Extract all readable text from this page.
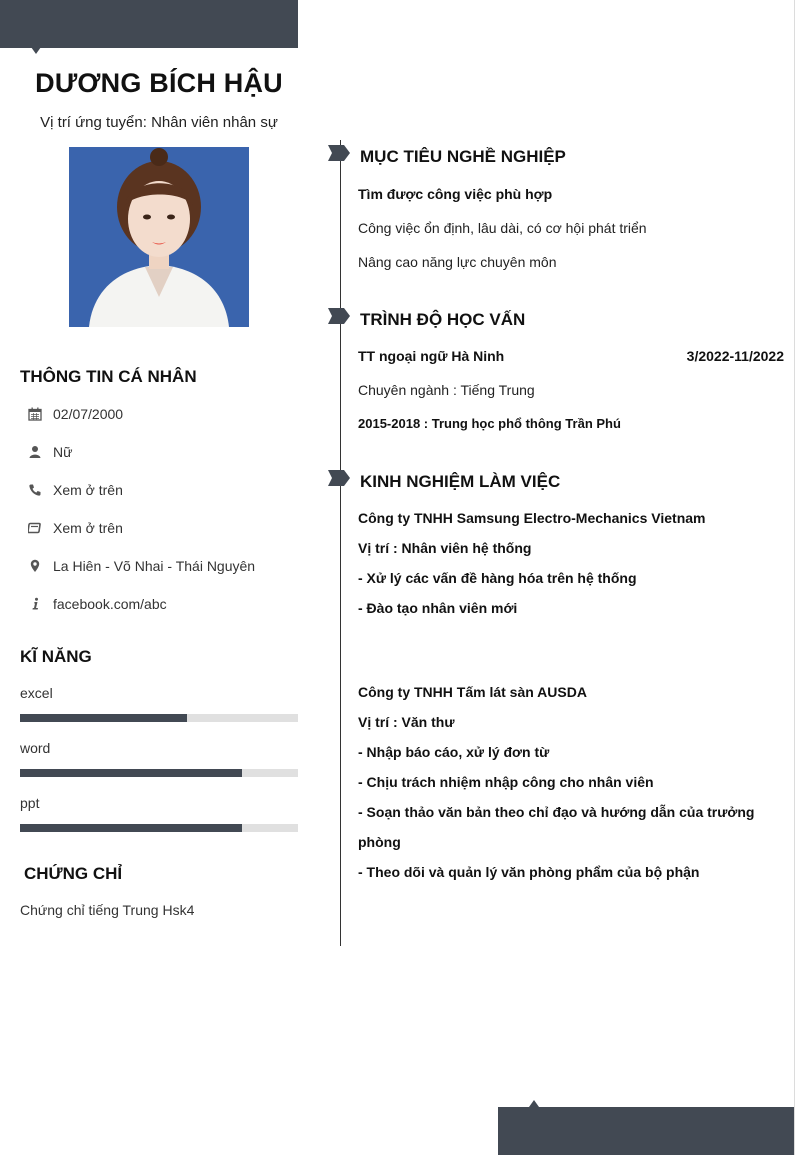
DƯƠNG BÍCH HẬU
Vị trí ứng tuyển: Nhân viên nhân sự
THÔNG TIN CÁ NHÂN
02/07/2000
Nữ
Xem ở trên
Xem ở trên
La Hiên - Võ Nhai - Thái Nguyên
facebook.com/abc
KĨ NĂNG
excel
word
ppt
CHỨNG CHỈ
Chứng chỉ tiếng Trung Hsk4
MỤC TIÊU NGHỀ NGHIỆP
Tìm được công việc phù hợp
Công việc ổn định, lâu dài, có cơ hội phát triển
Nâng cao năng lực chuyên môn
TRÌNH ĐỘ HỌC VẤN
TT ngoại ngữ Hà Ninh	3/2022-11/2022
Chuyên ngành : Tiếng Trung
2015-2018 : Trung học phổ thông Trần Phú
KINH NGHIỆM LÀM VIỆC
Công ty TNHH Samsung Electro-Mechanics Vietnam
Vị trí : Nhân viên hệ thống
- Xử lý các vấn đề hàng hóa trên hệ thống
- Đào tạo nhân viên mới
Công ty TNHH Tấm lát sàn AUSDA
Vị trí : Văn thư
- Nhập báo cáo, xử lý đơn từ
- Chịu trách nhiệm nhập công cho nhân viên
- Soạn thảo văn bản theo chỉ đạo và hướng dẫn của trưởng
phòng
- Theo dõi và quản lý văn phòng phẩm của bộ phận
